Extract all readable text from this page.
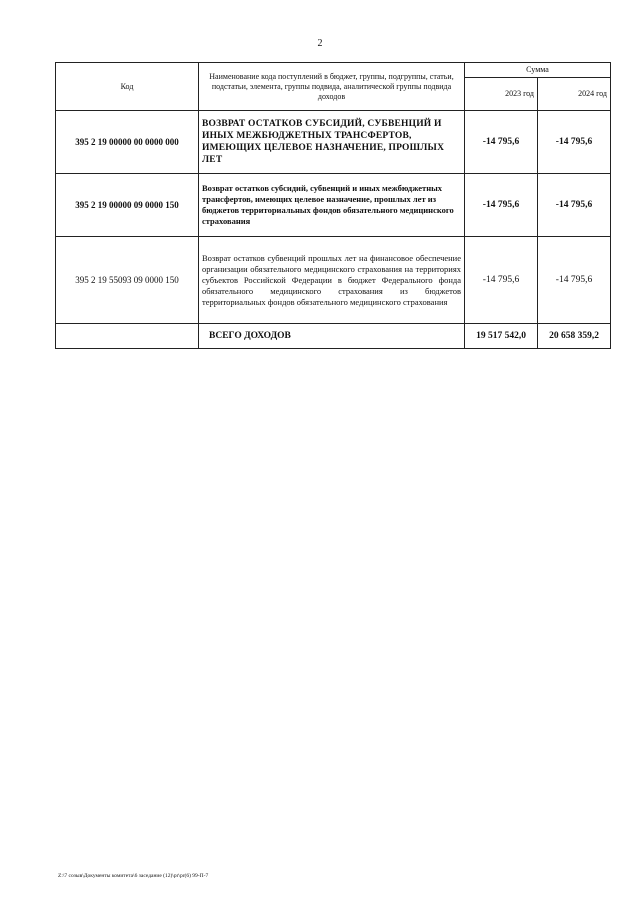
2
Код	Наименование кода поступлений в бюджет, группы, подгруппы, статьи, подстатьи, элемента, группы подвида, аналитической группы подвида доходов	Сумма	
		2023 год	2024 год
395 2 19 00000 00 0000 000	ВОЗВРАТ ОСТАТКОВ СУБСИДИЙ, СУБВЕНЦИЙ И ИНЫХ МЕЖБЮДЖЕТНЫХ ТРАНСФЕРТОВ, ИМЕЮЩИХ ЦЕЛЕВОЕ НАЗНАЧЕНИЕ, ПРОШЛЫХ ЛЕТ	-14 795,6	-14 795,6
395 2 19 00000 09 0000 150	Возврат остатков субсидий, субвенций и иных межбюджетных трансфертов, имеющих целевое назначение, прошлых лет из бюджетов территориальных фондов обязательного медицинского страхования	-14 795,6	-14 795,6
395 2 19 55093 09 0000 150	Возврат остатков субвенций прошлых лет на финансовое обеспечение организации обязательного медицинского страхования на территориях субъектов Российской Федерации в бюджет Федерального фонда обязательного медицинского страхования из бюджетов территориальных фондов обязательного медицинского страхования	-14 795,6	-14 795,6
	ВСЕГО ДОХОДОВ	19 517 542,0	20 658 359,2
Z:\7 созыв\Документы комитета\6 заседание (12)\pr\pr(6) 99-П-7
